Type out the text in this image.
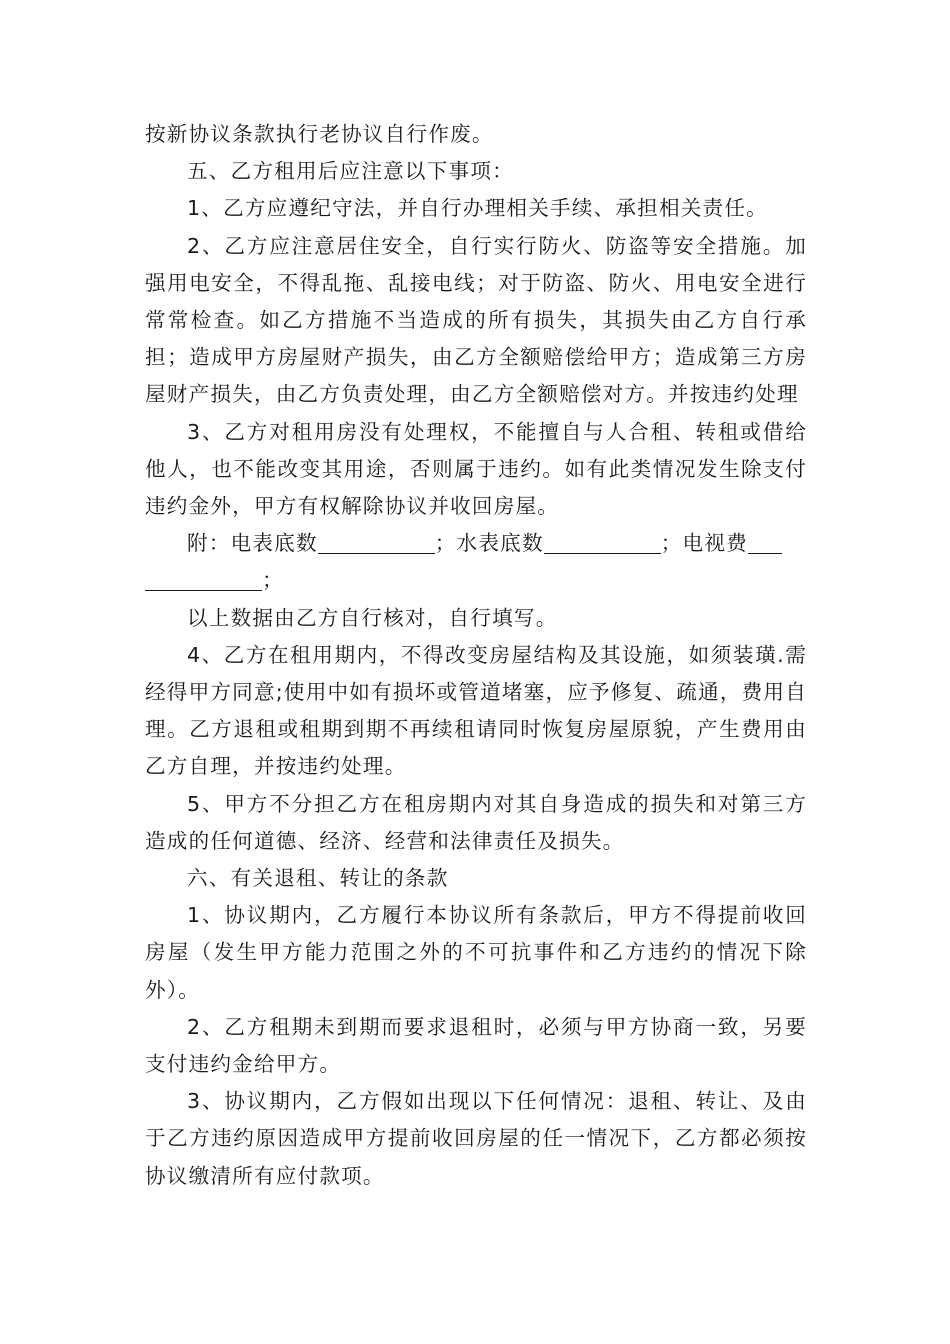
按新协议条款执行老协议自行作废。

五、乙方租用后应注意以下事项：

1、乙方应遵纪守法，并自行办理相关手续、承担相关责任。

2、乙方应注意居住安全，自行实行防火、防盗等安全措施。加强用电安全，不得乱拖、乱接电线；对于防盗、防火、用电安全进行常常检查。如乙方措施不当造成的所有损失，其损失由乙方自行承担；造成甲方房屋财产损失，由乙方全额赔偿给甲方；造成第三方房屋财产损失，由乙方负责处理，由乙方全额赔偿对方。并按违约处理

3、乙方对租用房没有处理权，不能擅自与人合租、转租或借给他人，也不能改变其用途，否则属于违约。如有此类情况发生除支付违约金外，甲方有权解除协议并收回房屋。

附：电表底数	；水表底数	；电视费

；

以上数据由乙方自行核对，自行填写。

4、乙方在租用期内，不得改变房屋结构及其设施，如须装璜.需经得甲方同意;使用中如有损坏或管道堵塞，应予修复、疏通，费用自理。乙方退租或租期到期不再续租请同时恢复房屋原貌，产生费用由乙方自理，并按违约处理。

5、甲方不分担乙方在租房期内对其自身造成的损失和对第三方造成的任何道德、经济、经营和法律责任及损失。

六、有关退租、转让的条款

1、协议期内，乙方履行本协议所有条款后，甲方不得提前收回房屋（发生甲方能力范围之外的不可抗事件和乙方违约的情况下除外）。

2、乙方租期未到期而要求退租时，必须与甲方协商一致，另要支付违约金给甲方。

3、协议期内，乙方假如出现以下任何情况：退租、转让、及由于乙方违约原因造成甲方提前收回房屋的任一情况下，乙方都必须按协议缴清所有应付款项。
